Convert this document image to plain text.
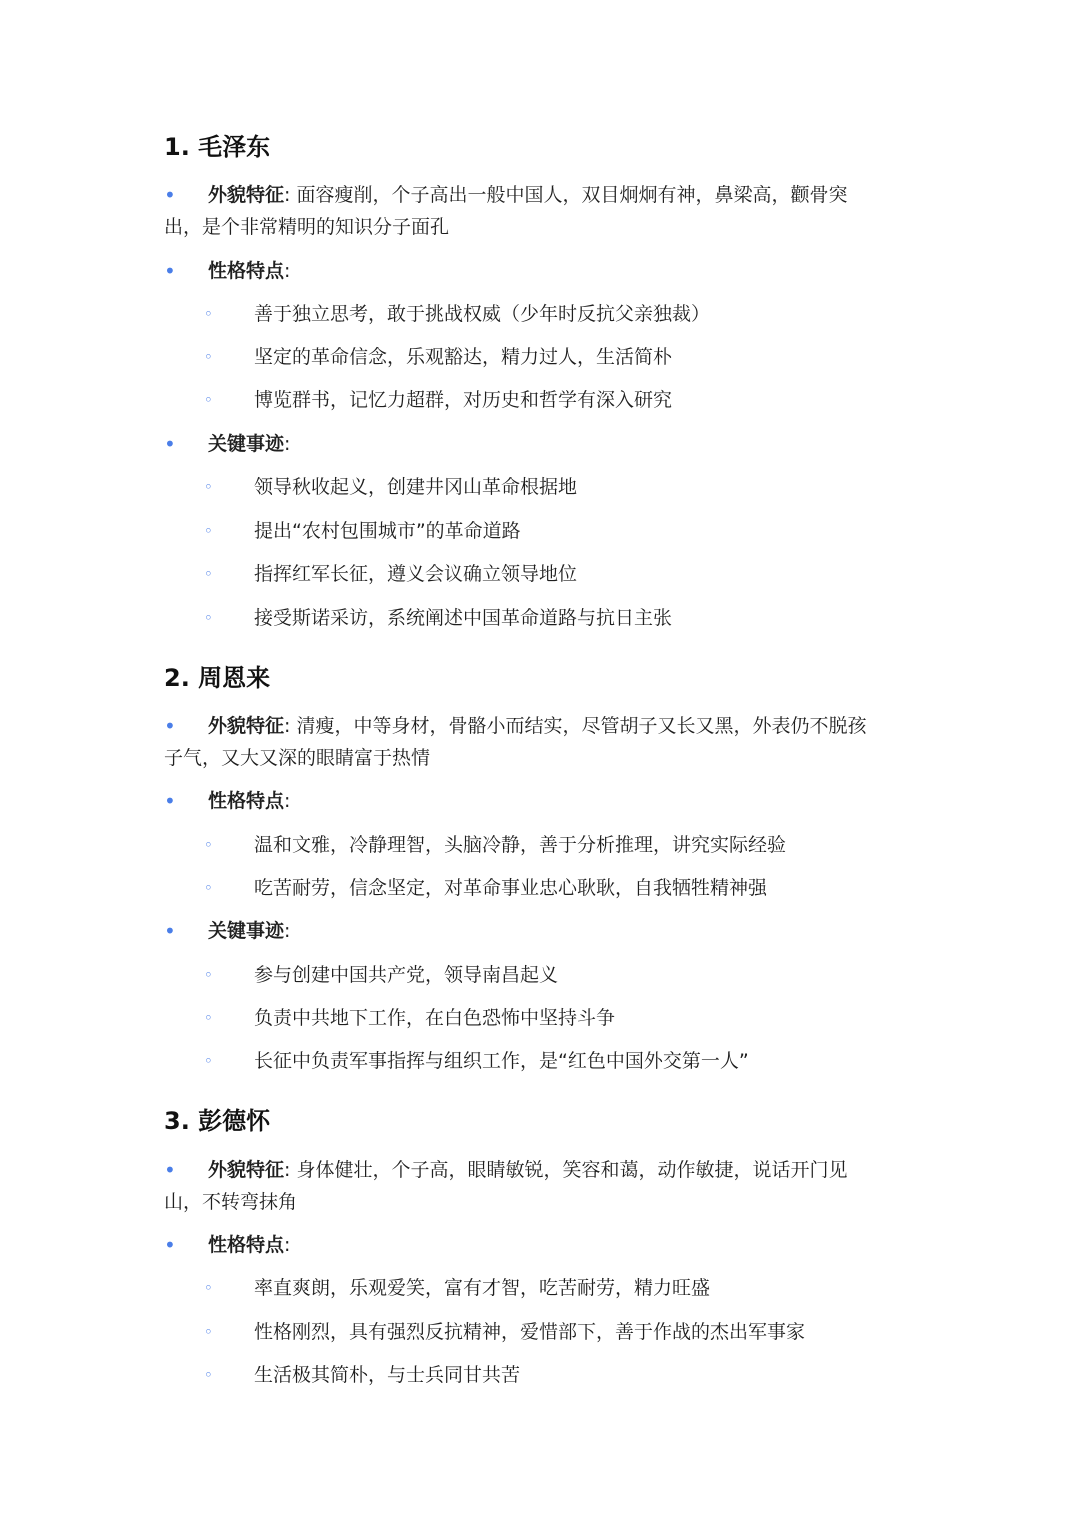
1. 毛泽东
• 外貌特征: 面容瘦削，个子高出一般中国人，双目炯炯有神，鼻梁高，颧骨突
出，是个非常精明的知识分子面孔
• 性格特点:
◦ 善于独立思考，敢于挑战权威（少年时反抗父亲独裁）
◦ 坚定的革命信念，乐观豁达，精力过人，生活简朴
◦ 博览群书，记忆力超群，对历史和哲学有深入研究
• 关键事迹:
◦ 领导秋收起义，创建井冈山革命根据地
◦ 提出“农村包围城市”的革命道路
◦ 指挥红军长征，遵义会议确立领导地位
◦ 接受斯诺采访，系统阐述中国革命道路与抗日主张
2. 周恩来
• 外貌特征: 清瘦，中等身材，骨骼小而结实，尽管胡子又长又黑，外表仍不脱孩
子气，又大又深的眼睛富于热情
• 性格特点:
◦ 温和文雅，冷静理智，头脑冷静，善于分析推理，讲究实际经验
◦ 吃苦耐劳，信念坚定，对革命事业忠心耿耿，自我牺牲精神强
• 关键事迹:
◦ 参与创建中国共产党，领导南昌起义
◦ 负责中共地下工作，在白色恐怖中坚持斗争
◦ 长征中负责军事指挥与组织工作，是“红色中国外交第一人”
3. 彭德怀
• 外貌特征: 身体健壮，个子高，眼睛敏锐，笑容和蔼，动作敏捷，说话开门见
山，不转弯抹角
• 性格特点:
◦ 率直爽朗，乐观爱笑，富有才智，吃苦耐劳，精力旺盛
◦ 性格刚烈，具有强烈反抗精神，爱惜部下，善于作战的杰出军事家
◦ 生活极其简朴，与士兵同甘共苦
